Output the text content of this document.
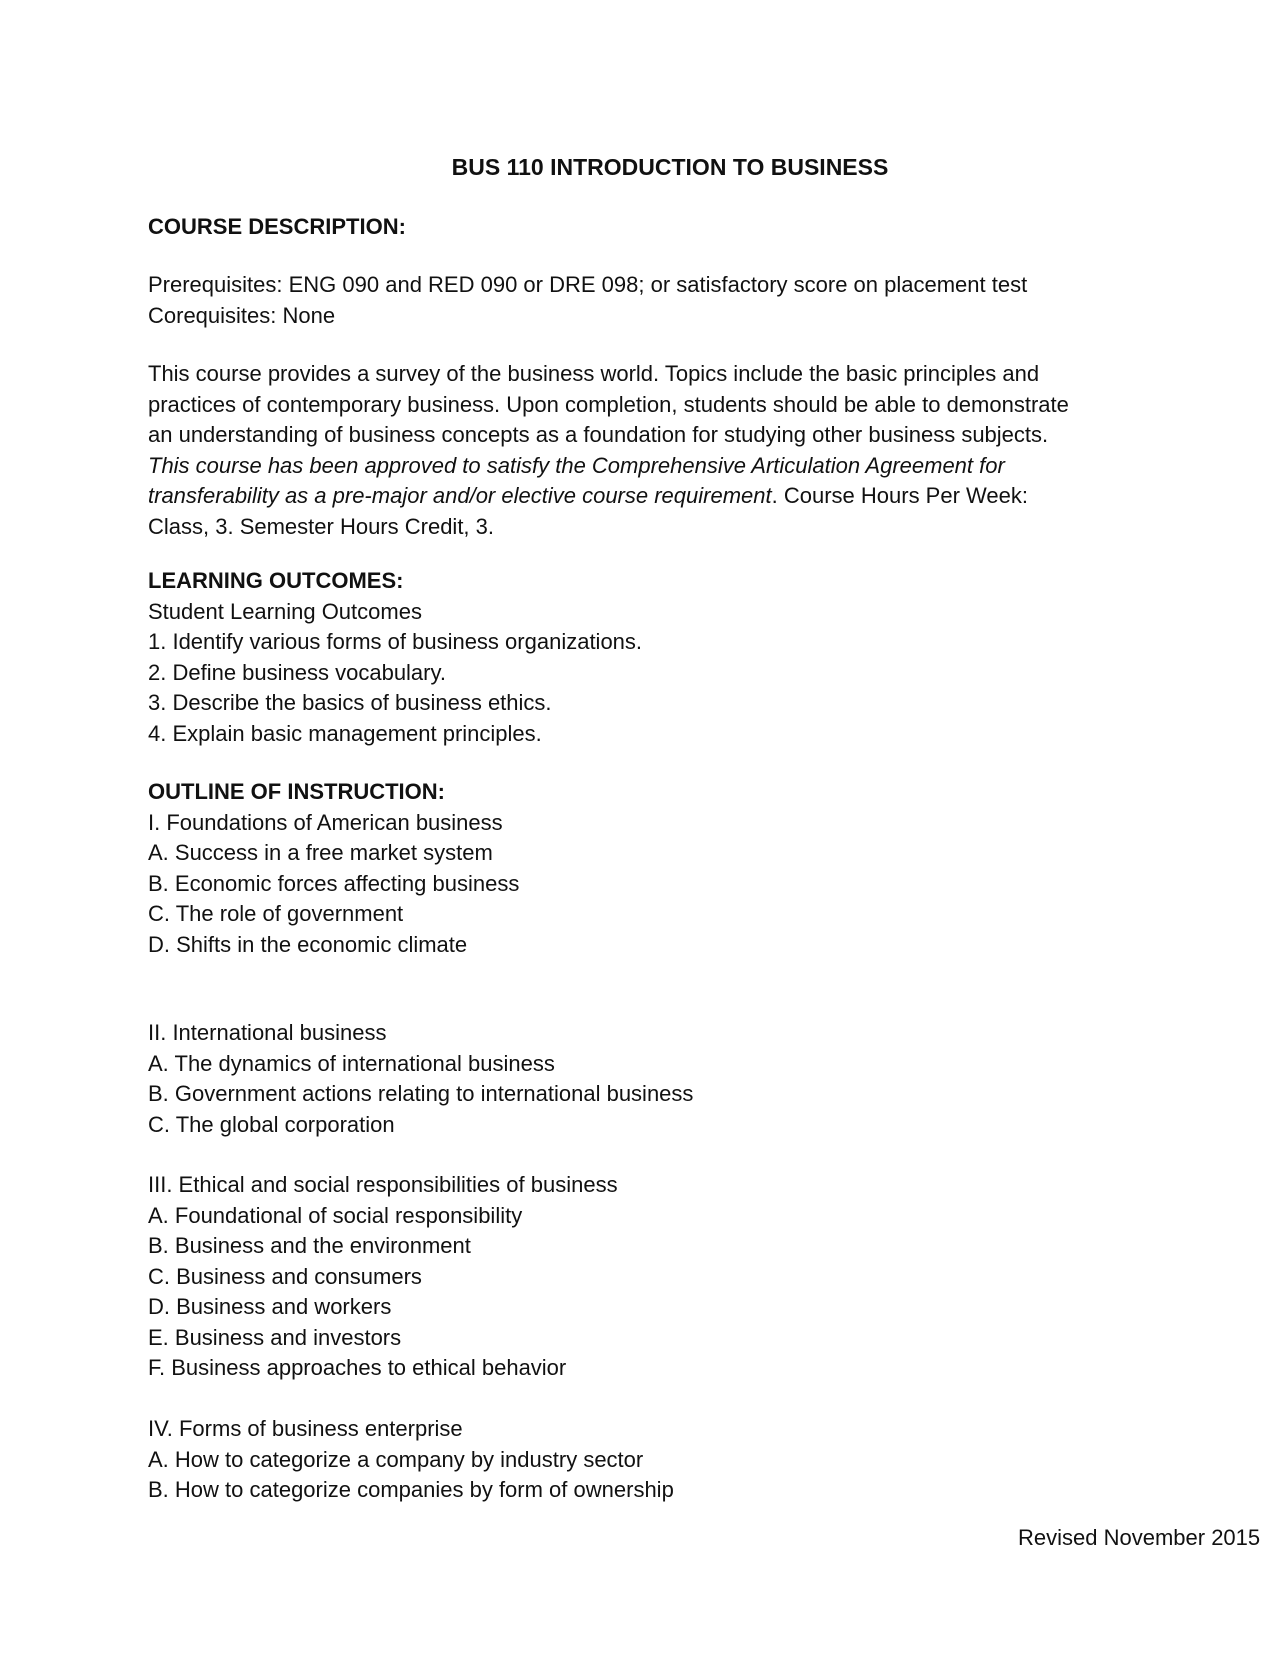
BUS 110 INTRODUCTION TO BUSINESS
COURSE DESCRIPTION:
Prerequisites: ENG 090 and RED 090 or DRE 098; or satisfactory score on placement test
Corequisites: None
This course provides a survey of the business world. Topics include the basic principles and
practices of contemporary business. Upon completion, students should be able to demonstrate
an understanding of business concepts as a foundation for studying other business subjects.
This course has been approved to satisfy the Comprehensive Articulation Agreement for
transferability as a pre-major and/or elective course requirement. Course Hours Per Week:
Class, 3. Semester Hours Credit, 3.
LEARNING OUTCOMES:
Student Learning Outcomes
1. Identify various forms of business organizations.
2. Define business vocabulary.
3. Describe the basics of business ethics.
4. Explain basic management principles.
OUTLINE OF INSTRUCTION:
I. Foundations of American business
A. Success in a free market system
B. Economic forces affecting business
C. The role of government
D. Shifts in the economic climate
II. International business
A. The dynamics of international business
B. Government actions relating to international business
C. The global corporation
III. Ethical and social responsibilities of business
A. Foundational of social responsibility
B. Business and the environment
C. Business and consumers
D. Business and workers
E. Business and investors
F. Business approaches to ethical behavior
IV. Forms of business enterprise
A. How to categorize a company by industry sector
B. How to categorize companies by form of ownership
Revised November 2015
